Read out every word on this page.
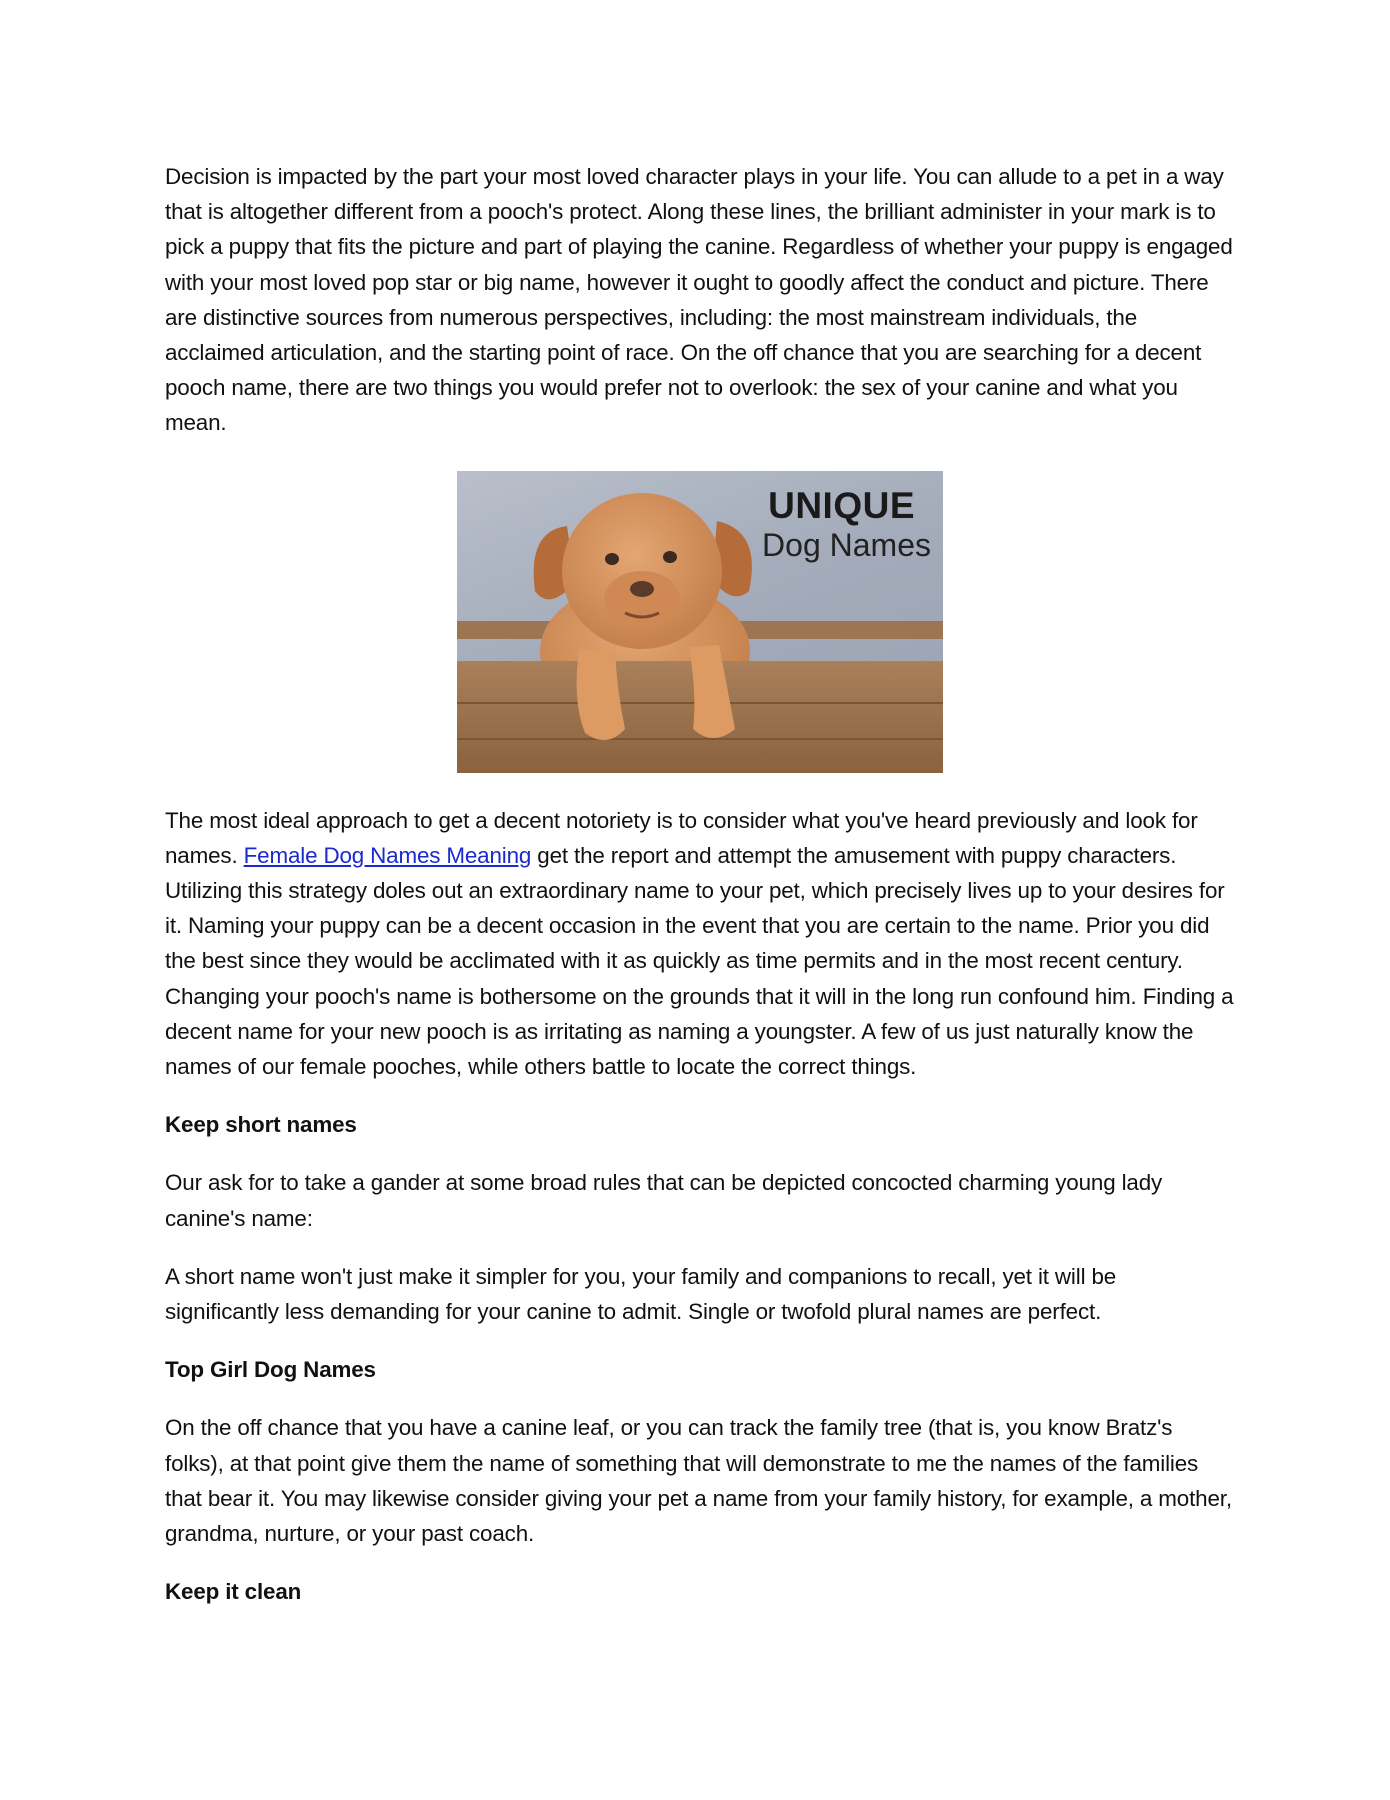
Decision is impacted by the part your most loved character plays in your life. You can allude to a pet in a way that is altogether different from a pooch's protect. Along these lines, the brilliant administer in your mark is to pick a puppy that fits the picture and part of playing the canine. Regardless of whether your puppy is engaged with your most loved pop star or big name, however it ought to goodly affect the conduct and picture. There are distinctive sources from numerous perspectives, including: the most mainstream individuals, the acclaimed articulation, and the starting point of race. On the off chance that you are searching for a decent pooch name, there are two things you would prefer not to overlook: the sex of your canine and what you mean.

UNIQUE
Dog Names

The most ideal approach to get a decent notoriety is to consider what you've heard previously and look for names. Female Dog Names Meaning get the report and attempt the amusement with puppy characters. Utilizing this strategy doles out an extraordinary name to your pet, which precisely lives up to your desires for it. Naming your puppy can be a decent occasion in the event that you are certain to the name. Prior you did the best since they would be acclimated with it as quickly as time permits and in the most recent century. Changing your pooch's name is bothersome on the grounds that it will in the long run confound him. Finding a decent name for your new pooch is as irritating as naming a youngster. A few of us just naturally know the names of our female pooches, while others battle to locate the correct things.

Keep short names

Our ask for to take a gander at some broad rules that can be depicted concocted charming young lady canine's name:

A short name won't just make it simpler for you, your family and companions to recall, yet it will be significantly less demanding for your canine to admit. Single or twofold plural names are perfect.

Top Girl Dog Names

On the off chance that you have a canine leaf, or you can track the family tree (that is, you know Bratz's folks), at that point give them the name of something that will demonstrate to me the names of the families that bear it. You may likewise consider giving your pet a name from your family history, for example, a mother, grandma, nurture, or your past coach.

Keep it clean
